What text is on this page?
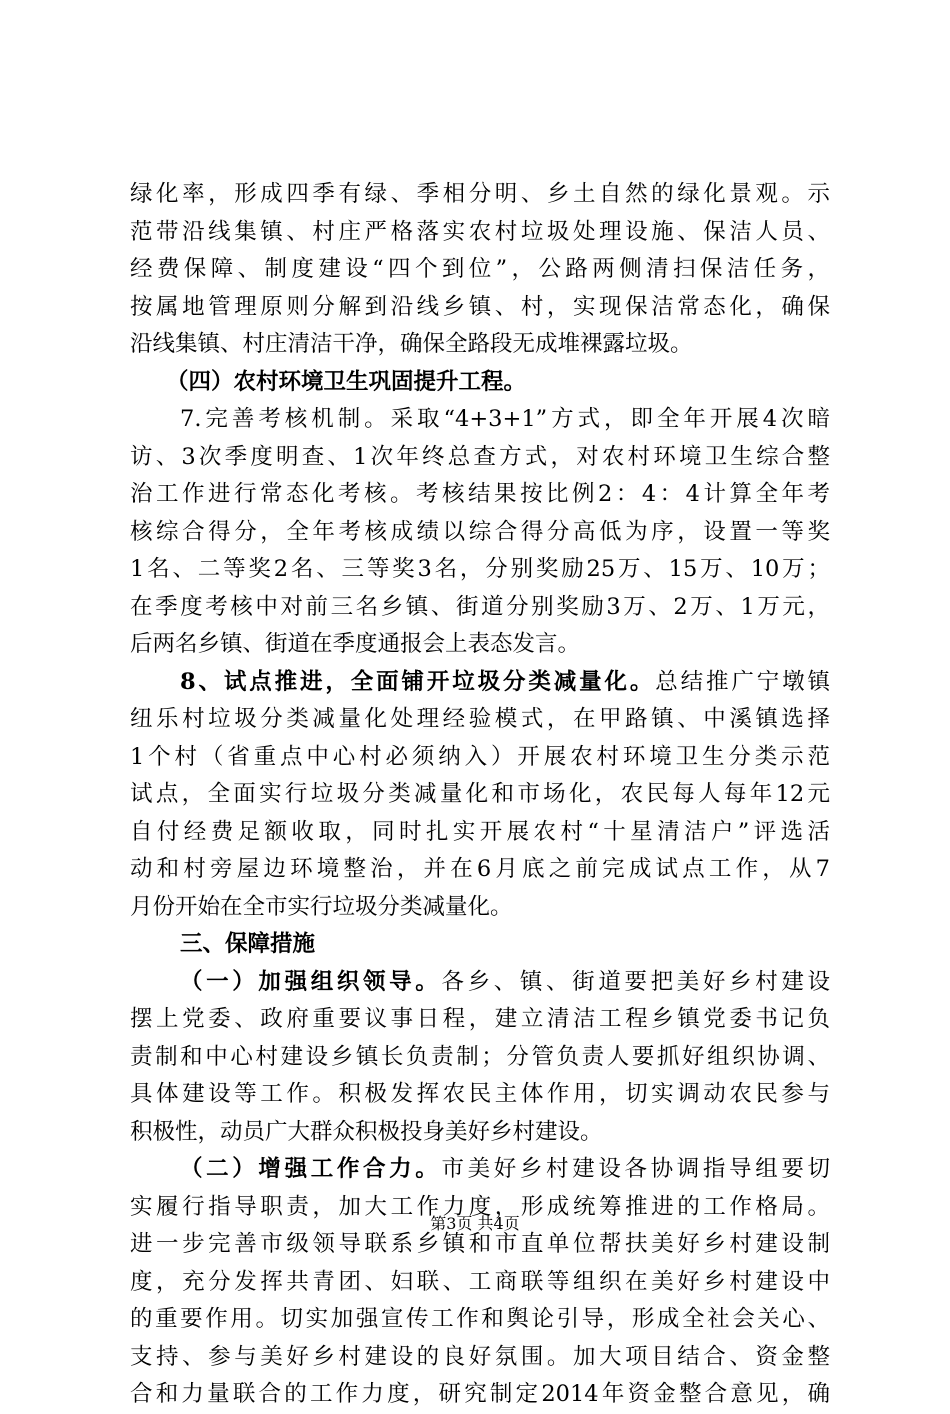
绿化率，形成四季有绿、季相分明、乡土自然的绿化景观。示
范带沿线集镇、村庄严格落实农村垃圾处理设施、保洁人员、
经费保障、制度建设“四个到位”，公路两侧清扫保洁任务，
按属地管理原则分解到沿线乡镇、村，实现保洁常态化，确保
沿线集镇、村庄清洁干净，确保全路段无成堆裸露垃圾。
（四）农村环境卫生巩固提升工程。
7.完善考核机制。采取“4+3+1”方式，即全年开展4次暗
访、3次季度明查、1次年终总查方式，对农村环境卫生综合整
治工作进行常态化考核。考核结果按比例2：4：4计算全年考
核综合得分，全年考核成绩以综合得分高低为序，设置一等奖
1名、二等奖2名、三等奖3名，分别奖励25万、15万、10万；
在季度考核中对前三名乡镇、街道分别奖励3万、2万、1万元，
后两名乡镇、街道在季度通报会上表态发言。
8、试点推进，全面铺开垃圾分类减量化。总结推广宁墩镇
纽乐村垃圾分类减量化处理经验模式，在甲路镇、中溪镇选择
1个村（省重点中心村必须纳入）开展农村环境卫生分类示范
试点，全面实行垃圾分类减量化和市场化，农民每人每年12元
自付经费足额收取，同时扎实开展农村“十星清洁户”评选活
动和村旁屋边环境整治，并在6月底之前完成试点工作，从7
月份开始在全市实行垃圾分类减量化。
三、保障措施
（一）加强组织领导。各乡、镇、街道要把美好乡村建设
摆上党委、政府重要议事日程，建立清洁工程乡镇党委书记负
责制和中心村建设乡镇长负责制；分管负责人要抓好组织协调、
具体建设等工作。积极发挥农民主体作用，切实调动农民参与
积极性，动员广大群众积极投身美好乡村建设。
（二）增强工作合力。市美好乡村建设各协调指导组要切
实履行指导职责，加大工作力度，形成统筹推进的工作格局。
进一步完善市级领导联系乡镇和市直单位帮扶美好乡村建设制
度，充分发挥共青团、妇联、工商联等组织在美好乡村建设中
的重要作用。切实加强宣传工作和舆论引导，形成全社会关心、
支持、参与美好乡村建设的良好氛围。加大项目结合、资金整
合和力量联合的工作力度，研究制定2014年资金整合意见，确
第3页 共4页
